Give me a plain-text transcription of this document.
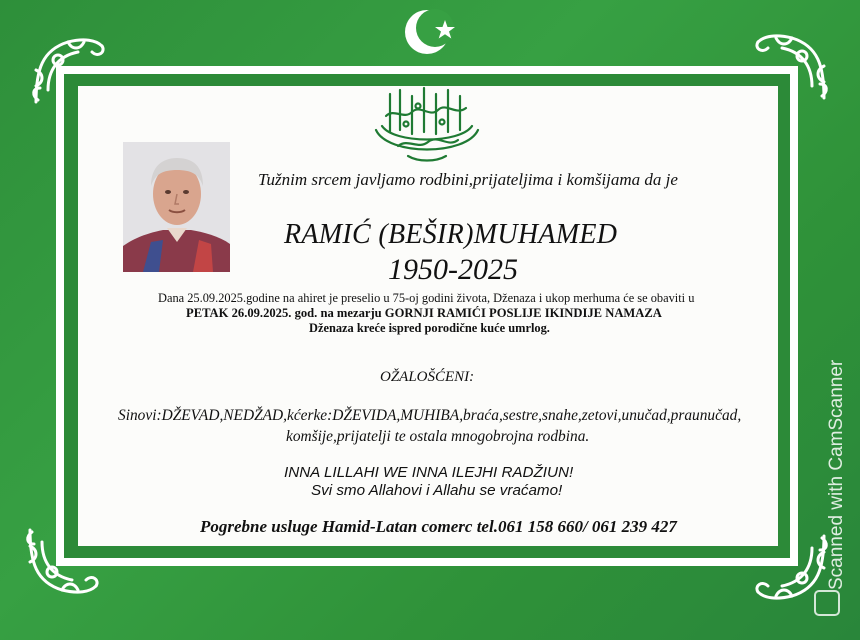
Tužnim srcem javljamo rodbini,prijateljima i komšijama da je
RAMIĆ (BEŠIR)MUHAMED
1950-2025
Dana 25.09.2025.godine na ahiret je preselio u 75-oj godini života, Dženaza i ukop merhuma će se obaviti u
PETAK 26.09.2025. god. na mezarju GORNJI RAMIĆI POSLIJE IKINDIJE NAMAZA
Dženaza kreće ispred porodične kuće umrlog.
OŽALOŠĆENI:
Sinovi:DŽEVAD,NEDŽAD,kćerke:DŽEVIDA,MUHIBA,braća,sestre,snahe,zetovi,unučad,praunučad,
komšije,prijatelji te ostala mnogobrojna rodbina.
INNA LILLAHI WE INNA ILEJHI RADŽIUN!
Svi smo Allahovi i Allahu se vraćamo!
Pogrebne usluge Hamid-Latan comerc tel.061 158 660/ 061 239 427	Scanned with CamScanner
